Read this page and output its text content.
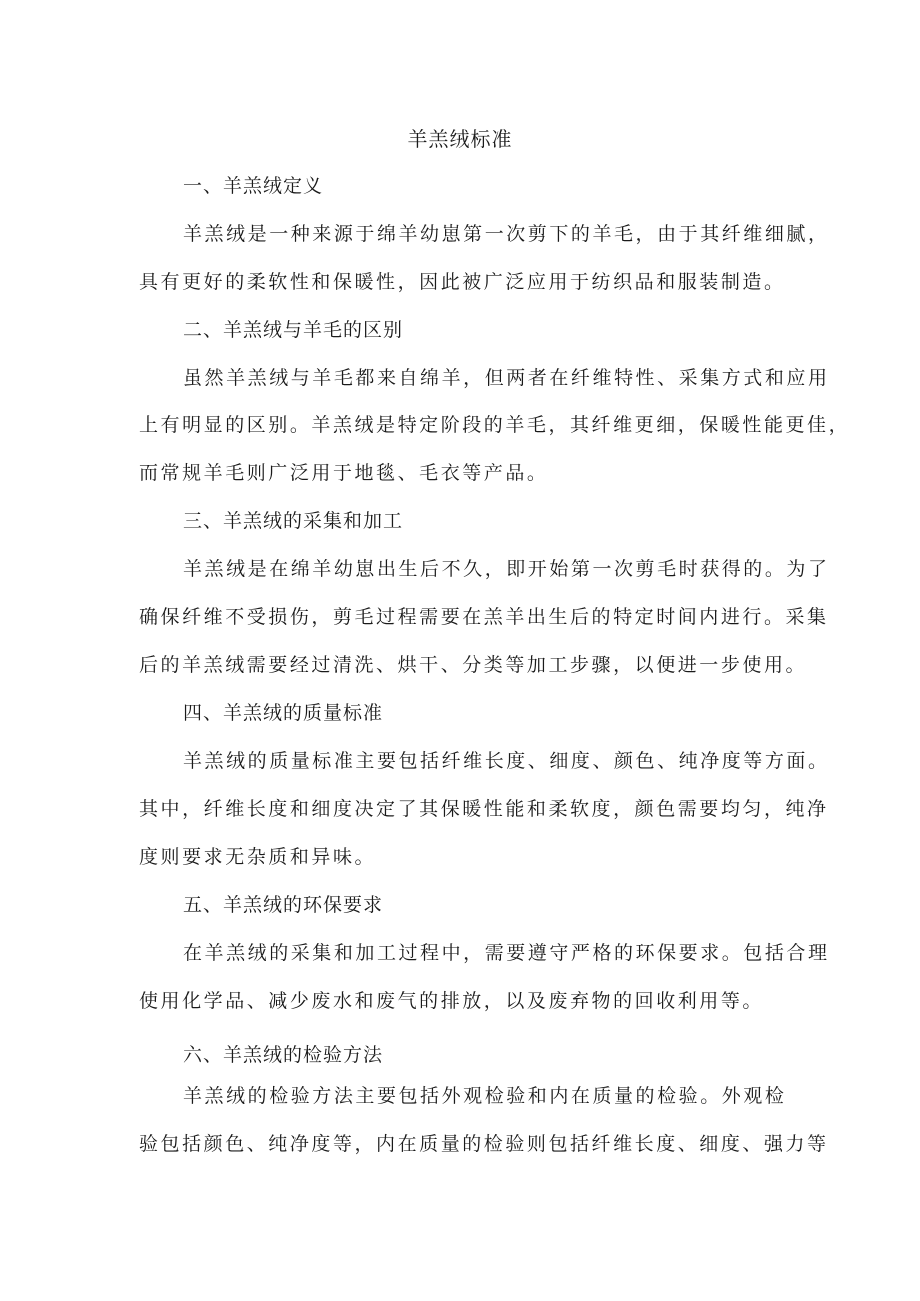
羊羔绒标准

一、羊羔绒定义

羊羔绒是一种来源于绵羊幼崽第一次剪下的羊毛，由于其纤维细腻，

具有更好的柔软性和保暖性，因此被广泛应用于纺织品和服装制造。

二、羊羔绒与羊毛的区别

虽然羊羔绒与羊毛都来自绵羊，但两者在纤维特性、采集方式和应用

上有明显的区别。羊羔绒是特定阶段的羊毛，其纤维更细，保暖性能更佳，

而常规羊毛则广泛用于地毯、毛衣等产品。

三、羊羔绒的采集和加工

羊羔绒是在绵羊幼崽出生后不久，即开始第一次剪毛时获得的。为了

确保纤维不受损伤，剪毛过程需要在羔羊出生后的特定时间内进行。采集

后的羊羔绒需要经过清洗、烘干、分类等加工步骤，以便进一步使用。

四、羊羔绒的质量标准

羊羔绒的质量标准主要包括纤维长度、细度、颜色、纯净度等方面。

其中，纤维长度和细度决定了其保暖性能和柔软度，颜色需要均匀，纯净

度则要求无杂质和异味。

五、羊羔绒的环保要求

在羊羔绒的采集和加工过程中，需要遵守严格的环保要求。包括合理

使用化学品、减少废水和废气的排放，以及废弃物的回收利用等。

六、羊羔绒的检验方法

羊羔绒的检验方法主要包括外观检验和内在质量的检验。外观检

验包括颜色、纯净度等，内在质量的检验则包括纤维长度、细度、强力等
